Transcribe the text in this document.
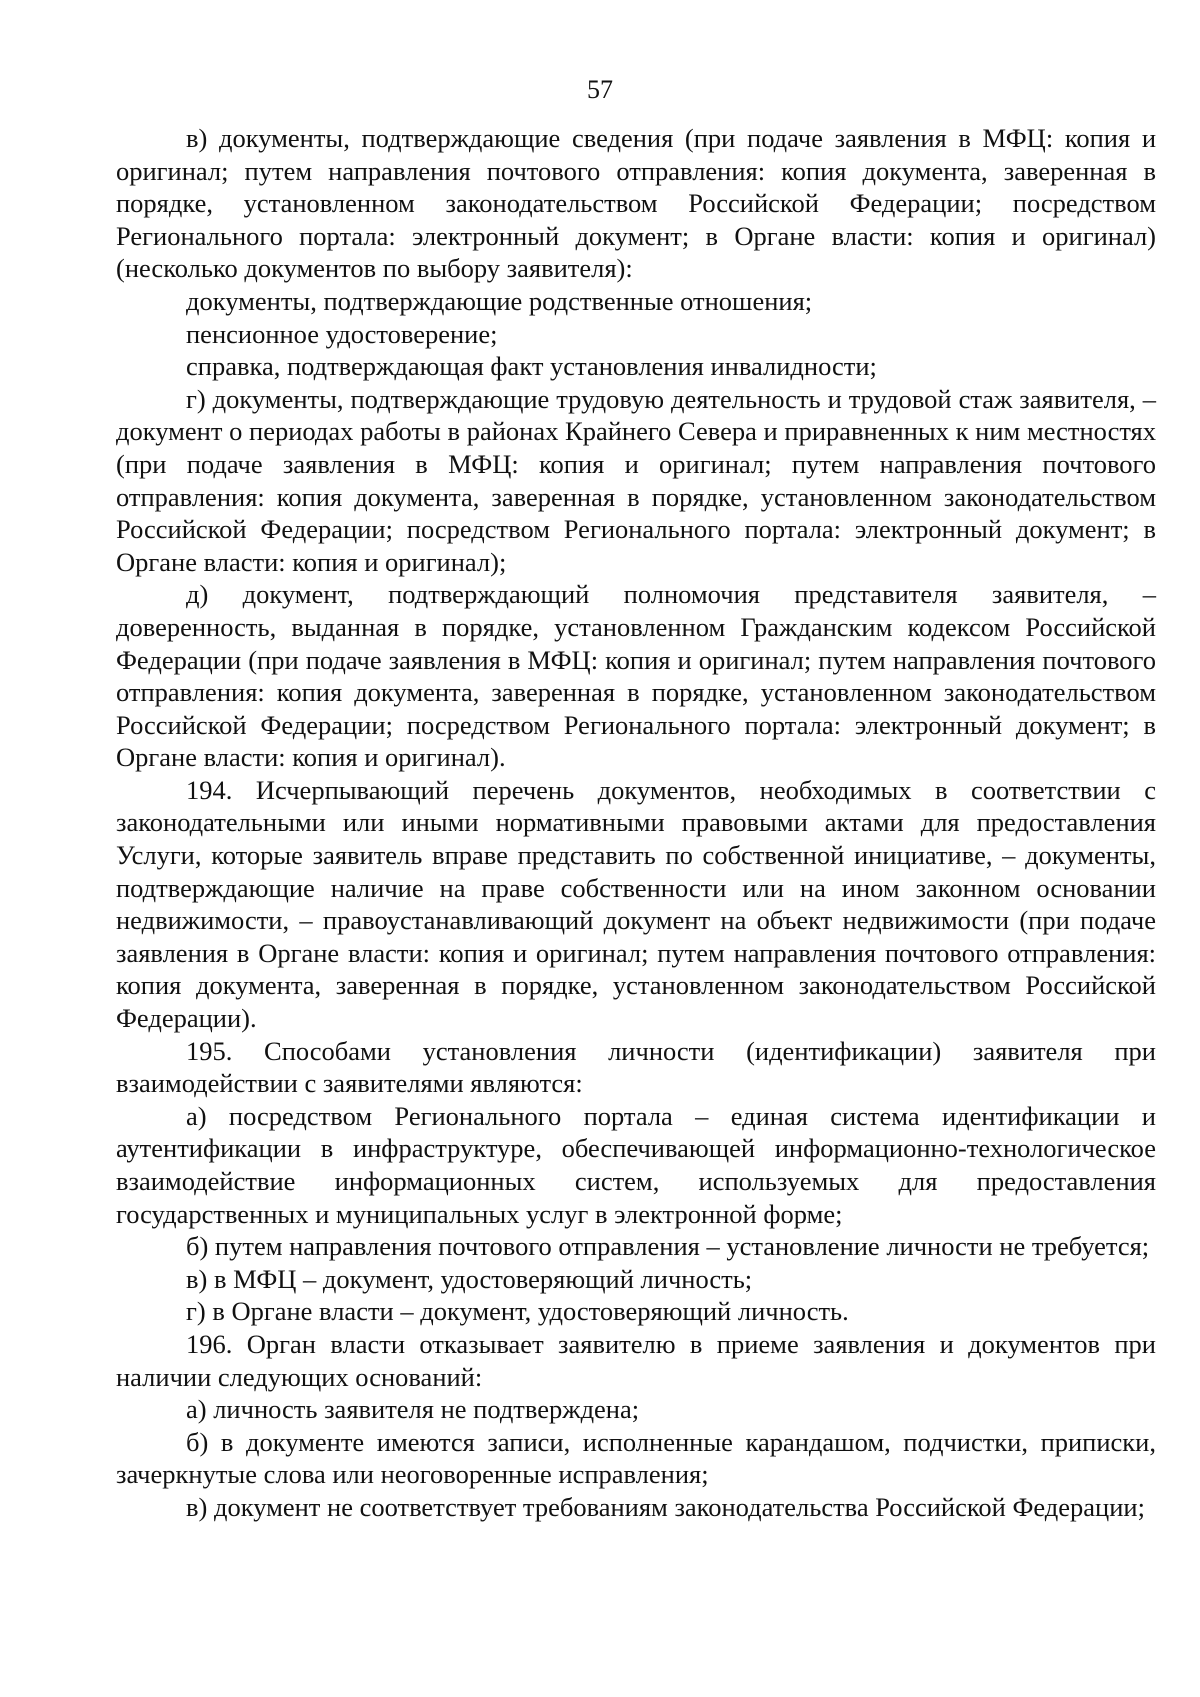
57

в) документы, подтверждающие сведения (при подаче заявления в МФЦ: копия и оригинал; путем направления почтового отправления: копия документа, заверенная в порядке, установленном законодательством Российской Федерации; посредством Регионального портала: электронный документ; в Органе власти: копия и оригинал) (несколько документов по выбору заявителя):

документы, подтверждающие родственные отношения;

пенсионное удостоверение;

справка, подтверждающая факт установления инвалидности;

г) документы, подтверждающие трудовую деятельность и трудовой стаж заявителя, – документ о периодах работы в районах Крайнего Севера и приравненных к ним местностях (при подаче заявления в МФЦ: копия и оригинал; путем направления почтового отправления: копия документа, заверенная в порядке, установленном законодательством Российской Федерации; посредством Регионального портала: электронный документ; в Органе власти: копия и оригинал);

д) документ, подтверждающий полномочия представителя заявителя, – доверенность, выданная в порядке, установленном Гражданским кодексом Российской Федерации (при подаче заявления в МФЦ: копия и оригинал; путем направления почтового отправления: копия документа, заверенная в порядке, установленном законодательством Российской Федерации; посредством Регионального портала: электронный документ; в Органе власти: копия и оригинал).

194. Исчерпывающий перечень документов, необходимых в соответствии с законодательными или иными нормативными правовыми актами для предоставления Услуги, которые заявитель вправе представить по собственной инициативе, – документы, подтверждающие наличие на праве собственности или на ином законном основании недвижимости, – правоустанавливающий документ на объект недвижимости (при подаче заявления в Органе власти: копия и оригинал; путем направления почтового отправления: копия документа, заверенная в порядке, установленном законодательством Российской Федерации).

195. Способами установления личности (идентификации) заявителя при взаимодействии с заявителями являются:

а) посредством Регионального портала – единая система идентификации и аутентификации в инфраструктуре, обеспечивающей информационно-технологическое взаимодействие информационных систем, используемых для предоставления государственных и муниципальных услуг в электронной форме;

б) путем направления почтового отправления – установление личности не требуется;

в) в МФЦ – документ, удостоверяющий личность;

г) в Органе власти – документ, удостоверяющий личность.

196. Орган власти отказывает заявителю в приеме заявления и документов при наличии следующих оснований:

а) личность заявителя не подтверждена;

б) в документе имеются записи, исполненные карандашом, подчистки, приписки, зачеркнутые слова или неоговоренные исправления;

в) документ не соответствует требованиям законодательства Российской Федерации;
